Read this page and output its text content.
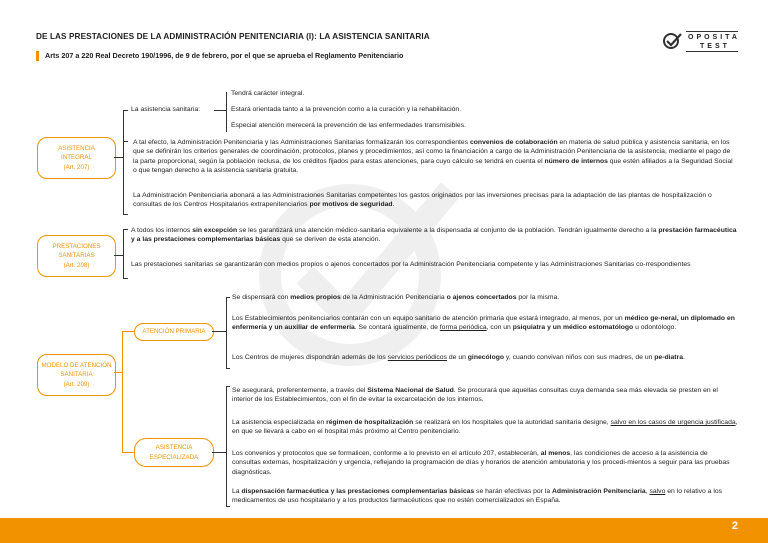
DE LAS PRESTACIONES DE LA ADMINISTRACIÓN PENITENCIARIA (I): LA ASISTENCIA SANITARIA
Arts 207 a 220 Real Decreto 190/1996, de 9 de febrero, por el que se aprueba el Reglamento Penitenciario
OPOSITA
TEST
ASISTENCIA
INTEGRAL
(Art. 207)
La asistencia sanitaria:
Tendrá carácter integral.
Estará orientada tanto a la prevención como a la curación y la rehabilitación.
Especial atención merecerá la prevención de las enfermedades transmisibles.
A tal efecto, la Administración Penitenciaria y las Administraciones Sanitarias formalizarán los correspondientes convenios de colaboración en materia de salud pública y asistencia sanitaria, en los que se definirán los criterios generales de coordinación, protocolos, planes y procedimientos, así como la financiación a cargo de la Administración Penitenciaria de la asistencia, mediante el pago de la parte proporcional, según la población reclusa, de los créditos fijados para estas atenciones, para cuyo cálculo se tendrá en cuenta el número de internos que estén afiliados a la Seguridad Social o que tengan derecho a la asistencia sanitaria gratuita.
La Administración Penitenciaria abonará a las Administraciones Sanitarias competentes los gastos originados por las inversiones precisas para la adaptación de las plantas de hospitalización o consultas de los Centros Hospitalarios extrapenitenciarios por motivos de seguridad.
PRESTACIONES
SANITARIAS
(Art. 208)
A todos los internos sin excepción se les garantizará una atención médico-sanitaria equivalente a la dispensada al conjunto de la población. Tendrán igualmente derecho a la prestación farmacéutica y a las prestaciones complementarias básicas que se deriven de esta atención.
Las prestaciones sanitarias se garantizarán con medios propios o ajenos concertados por la Administración Penitenciaria competente y las Administraciones Sanitarias co-rrespondientes
MODELO DE ATENCIÓN
SANITARIA
(Art. 209)
ATENCIÓN PRIMARIA
ASISTENCIA
ESPECIALIZADA
Se dispensará con medios propios de la Administración Penitenciaria o ajenos concertados por la misma.
Los Establecimientos penitenciarios contarán con un equipo sanitario de atención primaria que estará integrado, al menos, por un médico ge-neral, un diplomado en enfermería y un auxiliar de enfermería. Se contará igualmente, de forma periódica, con un psiquiatra y un médico estomatólogo u odontólogo.
Los Centros de mujeres dispondrán además de los servicios periódicos de un ginecólogo y, cuando convivan niños con sus madres, de un pe-diatra.
Se asegurará, preferentemente, a través del Sistema Nacional de Salud. Se procurará que aquellas consultas cuya demanda sea más elevada se presten en el interior de los Establecimientos, con el fin de evitar la excarcelación de los internos.
La asistencia especializada en régimen de hospitalización se realizará en los hospitales que la autoridad sanitaria designe, salvo en los casos de urgencia justificada, en que se llevará a cabo en el hospital más próximo al Centro penitenciario.
Los convenios y protocolos que se formalicen, conforme a lo previsto en el artículo 207, establecerán, al menos, las condiciones de acceso a la asistencia de consultas externas, hospitalización y urgencia, reflejando la programación de días y horarios de atención ambulatoria y los procedi-mientos a seguir para las pruebas diagnósticas.
La dispensación farmacéutica y las prestaciones complementarias básicas se harán efectivas por la Administración Penitenciaria, salvo en lo relativo a los medicamentos de uso hospitalario y a los productos farmacéuticos que no estén comercializados en España.
2
